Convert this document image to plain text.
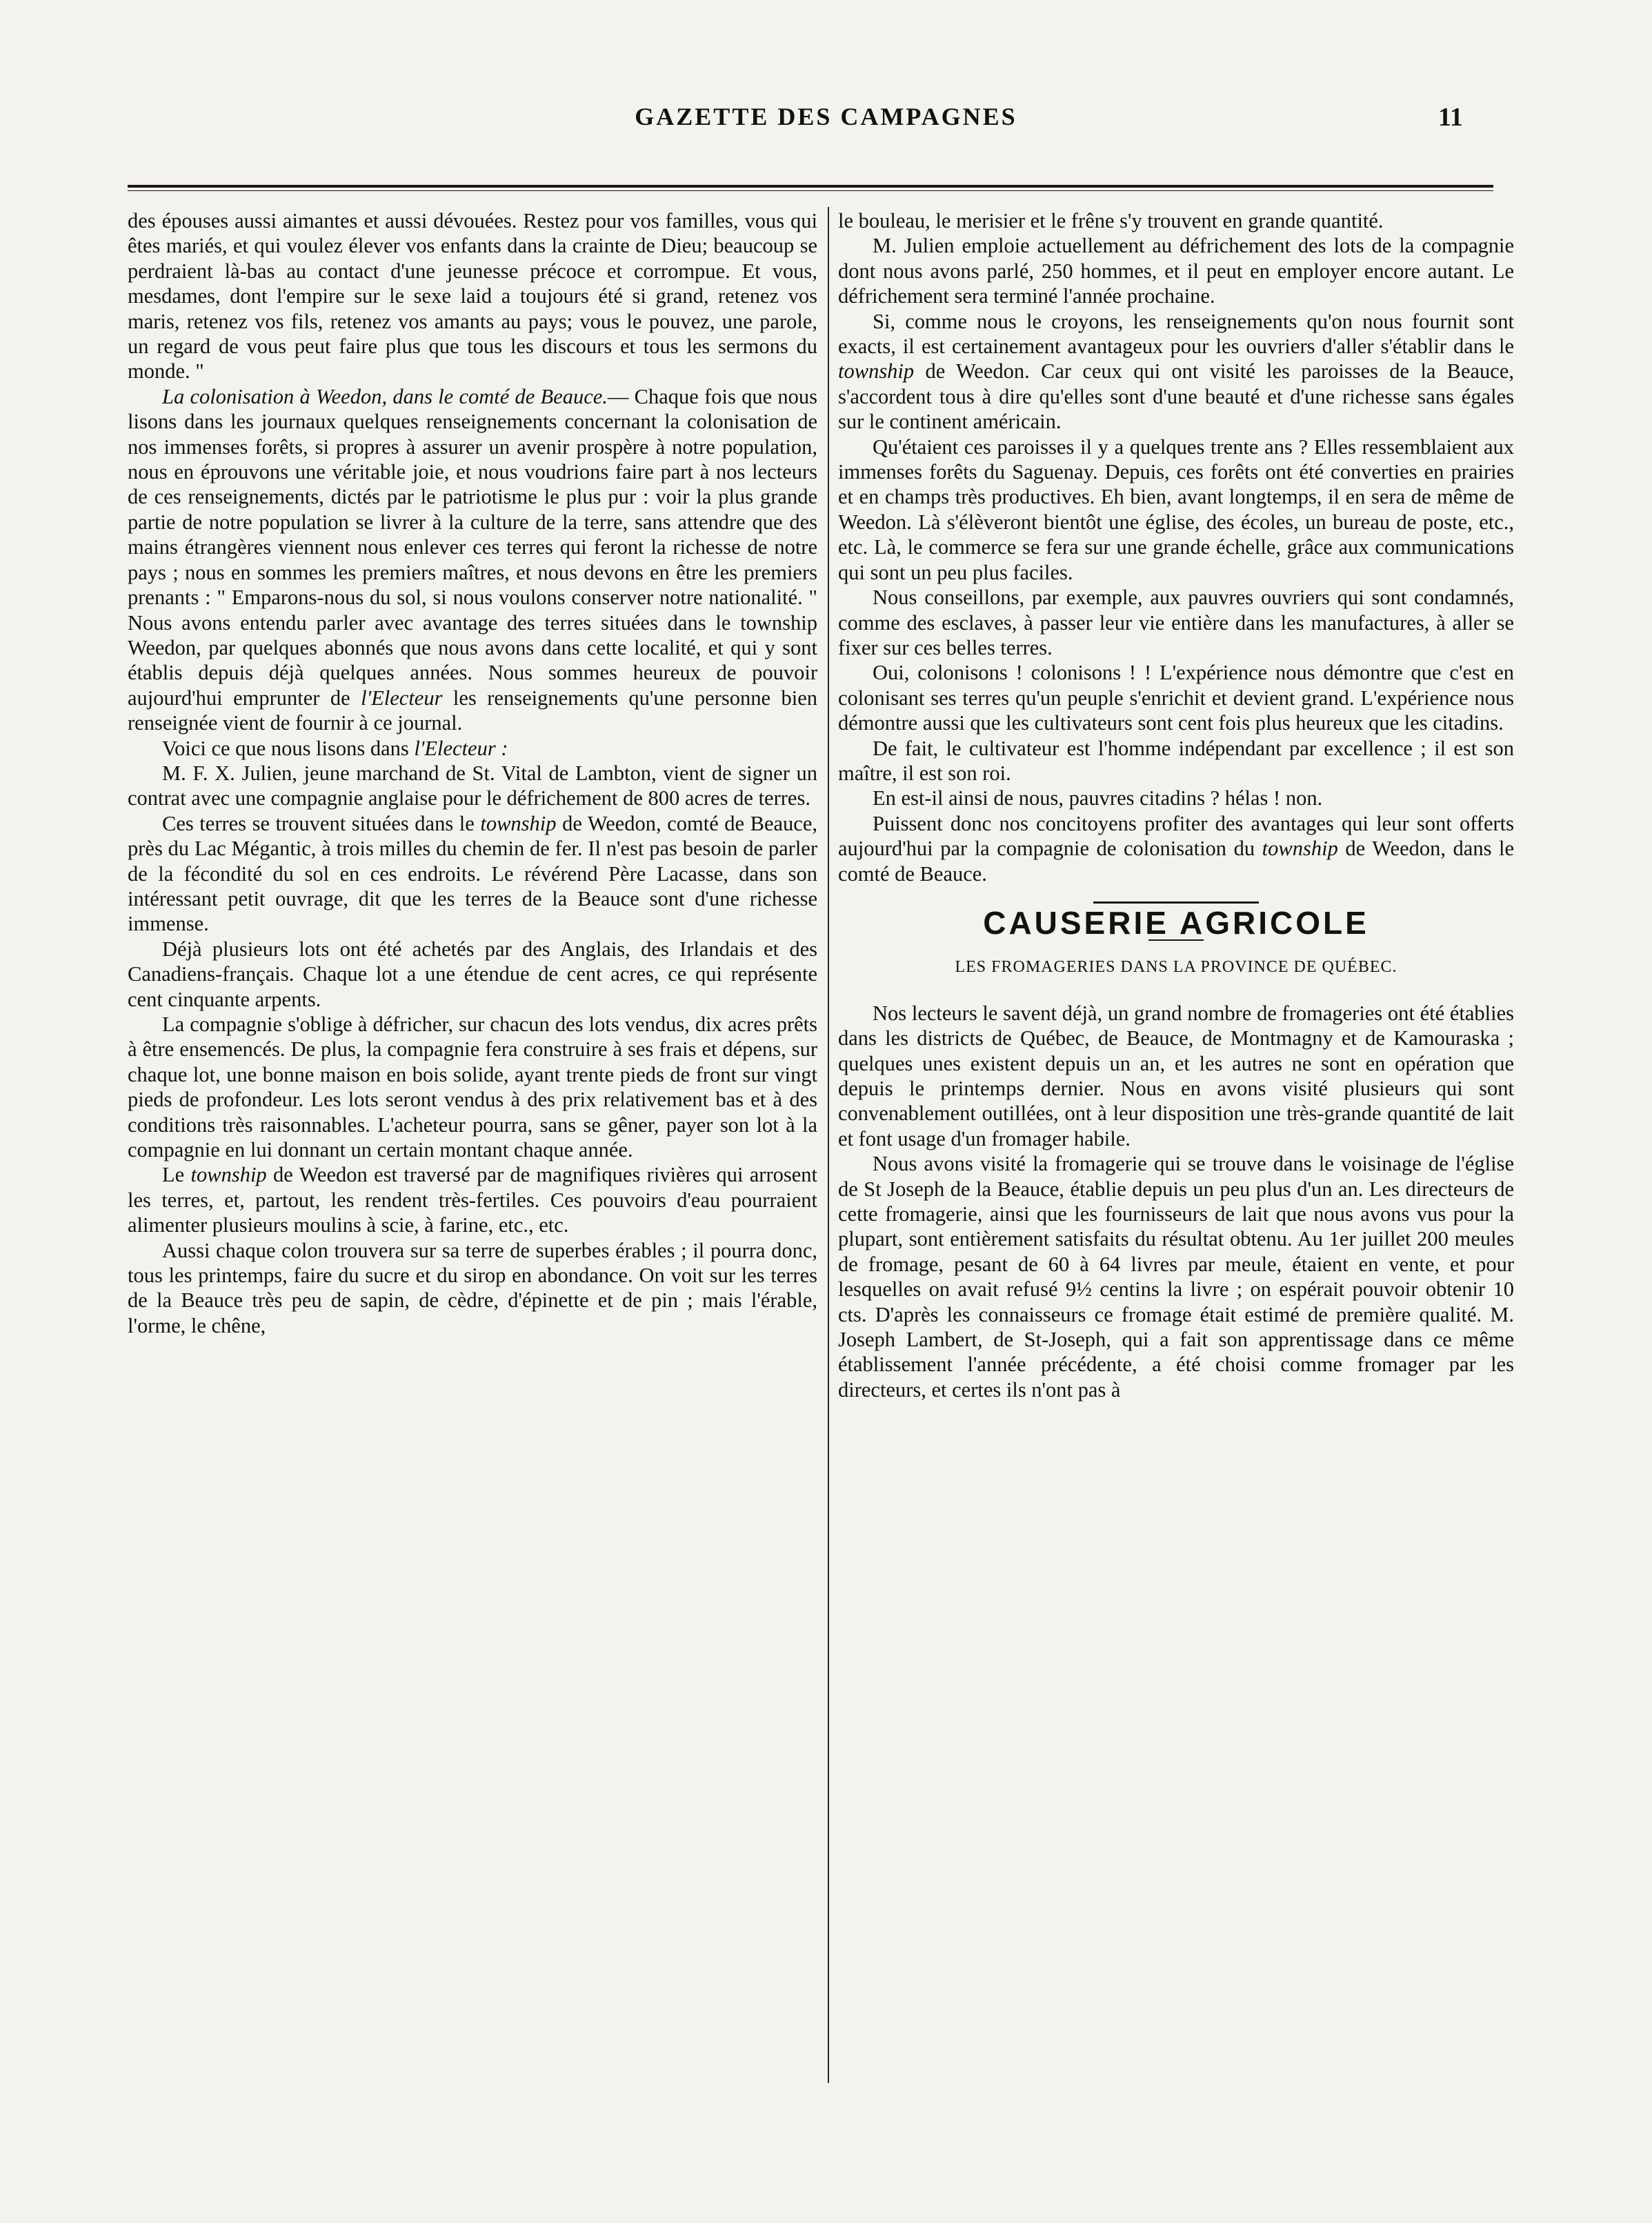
GAZETTE DES CAMPAGNES	11

des épouses aussi aimantes et aussi dévouées. Restez pour vos familles, vous qui êtes mariés, et qui voulez élever vos enfants dans la crainte de Dieu; beaucoup se perdraient là-bas au contact d'une jeunesse précoce et corrompue. Et vous, mesdames, dont l'empire sur le sexe laid a toujours été si grand, retenez vos maris, retenez vos fils, retenez vos amants au pays; vous le pouvez, une parole, un regard de vous peut faire plus que tous les discours et tous les sermons du monde. "

La colonisation à Weedon, dans le comté de Beauce.— Chaque fois que nous lisons dans les journaux quelques renseignements concernant la colonisation de nos immenses forêts, si propres à assurer un avenir prospère à notre population, nous en éprouvons une véritable joie, et nous voudrions faire part à nos lecteurs de ces renseignements, dictés par le patriotisme le plus pur : voir la plus grande partie de notre population se livrer à la culture de la terre, sans attendre que des mains étrangères viennent nous enlever ces terres qui feront la richesse de notre pays ; nous en sommes les premiers maîtres, et nous devons en être les premiers prenants : " Emparons-nous du sol, si nous voulons conserver notre nationalité. " Nous avons entendu parler avec avantage des terres situées dans le township Weedon, par quelques abonnés que nous avons dans cette localité, et qui y sont établis depuis déjà quelques années. Nous sommes heureux de pouvoir aujourd'hui emprunter de l'Electeur les renseignements qu'une personne bien renseignée vient de fournir à ce journal.

Voici ce que nous lisons dans l'Electeur :

M. F. X. Julien, jeune marchand de St. Vital de Lambton, vient de signer un contrat avec une compagnie anglaise pour le défrichement de 800 acres de terres.

Ces terres se trouvent situées dans le township de Weedon, comté de Beauce, près du Lac Mégantic, à trois milles du chemin de fer. Il n'est pas besoin de parler de la fécondité du sol en ces endroits. Le révérend Père Lacasse, dans son intéressant petit ouvrage, dit que les terres de la Beauce sont d'une richesse immense.

Déjà plusieurs lots ont été achetés par des Anglais, des Irlandais et des Canadiens-français. Chaque lot a une étendue de cent acres, ce qui représente cent cinquante arpents.

La compagnie s'oblige à défricher, sur chacun des lots vendus, dix acres prêts à être ensemencés. De plus, la compagnie fera construire à ses frais et dépens, sur chaque lot, une bonne maison en bois solide, ayant trente pieds de front sur vingt pieds de profondeur. Les lots seront vendus à des prix relativement bas et à des conditions très raisonnables. L'acheteur pourra, sans se gêner, payer son lot à la compagnie en lui donnant un certain montant chaque année.

Le township de Weedon est traversé par de magnifiques rivières qui arrosent les terres, et, partout, les rendent très-fertiles. Ces pouvoirs d'eau pourraient alimenter plusieurs moulins à scie, à farine, etc., etc.

Aussi chaque colon trouvera sur sa terre de superbes érables ; il pourra donc, tous les printemps, faire du sucre et du sirop en abondance. On voit sur les terres de la Beauce très peu de sapin, de cèdre, d'épinette et de pin ; mais l'érable, l'orme, le chêne,

le bouleau, le merisier et le frêne s'y trouvent en grande quantité.

M. Julien emploie actuellement au défrichement des lots de la compagnie dont nous avons parlé, 250 hommes, et il peut en employer encore autant. Le défrichement sera terminé l'année prochaine.

Si, comme nous le croyons, les renseignements qu'on nous fournit sont exacts, il est certainement avantageux pour les ouvriers d'aller s'établir dans le township de Weedon. Car ceux qui ont visité les paroisses de la Beauce, s'accordent tous à dire qu'elles sont d'une beauté et d'une richesse sans égales sur le continent américain.

Qu'étaient ces paroisses il y a quelques trente ans ? Elles ressemblaient aux immenses forêts du Saguenay. Depuis, ces forêts ont été converties en prairies et en champs très productives. Eh bien, avant longtemps, il en sera de même de Weedon. Là s'élèveront bientôt une église, des écoles, un bureau de poste, etc., etc. Là, le commerce se fera sur une grande échelle, grâce aux communications qui sont un peu plus faciles.

Nous conseillons, par exemple, aux pauvres ouvriers qui sont condamnés, comme des esclaves, à passer leur vie entière dans les manufactures, à aller se fixer sur ces belles terres.

Oui, colonisons ! colonisons ! ! L'expérience nous démontre que c'est en colonisant ses terres qu'un peuple s'enrichit et devient grand. L'expérience nous démontre aussi que les cultivateurs sont cent fois plus heureux que les citadins.

De fait, le cultivateur est l'homme indépendant par excellence ; il est son maître, il est son roi.

En est-il ainsi de nous, pauvres citadins ? hélas ! non.

Puissent donc nos concitoyens profiter des avantages qui leur sont offerts aujourd'hui par la compagnie de colonisation du township de Weedon, dans le comté de Beauce.

CAUSERIE AGRICOLE
LES FROMAGERIES DANS LA PROVINCE DE QUÉBEC.

Nos lecteurs le savent déjà, un grand nombre de fromageries ont été établies dans les districts de Québec, de Beauce, de Montmagny et de Kamouraska ; quelques unes existent depuis un an, et les autres ne sont en opération que depuis le printemps dernier. Nous en avons visité plusieurs qui sont convenablement outillées, ont à leur disposition une très-grande quantité de lait et font usage d'un fromager habile.

Nous avons visité la fromagerie qui se trouve dans le voisinage de l'église de St Joseph de la Beauce, établie depuis un peu plus d'un an. Les directeurs de cette fromagerie, ainsi que les fournisseurs de lait que nous avons vus pour la plupart, sont entièrement satisfaits du résultat obtenu. Au 1er juillet 200 meules de fromage, pesant de 60 à 64 livres par meule, étaient en vente, et pour lesquelles on avait refusé 9½ centins la livre ; on espérait pouvoir obtenir 10 cts. D'après les connaisseurs ce fromage était estimé de première qualité. M. Joseph Lambert, de St-Joseph, qui a fait son apprentissage dans ce même établissement l'année précédente, a été choisi comme fromager par les directeurs, et certes ils n'ont pas à
